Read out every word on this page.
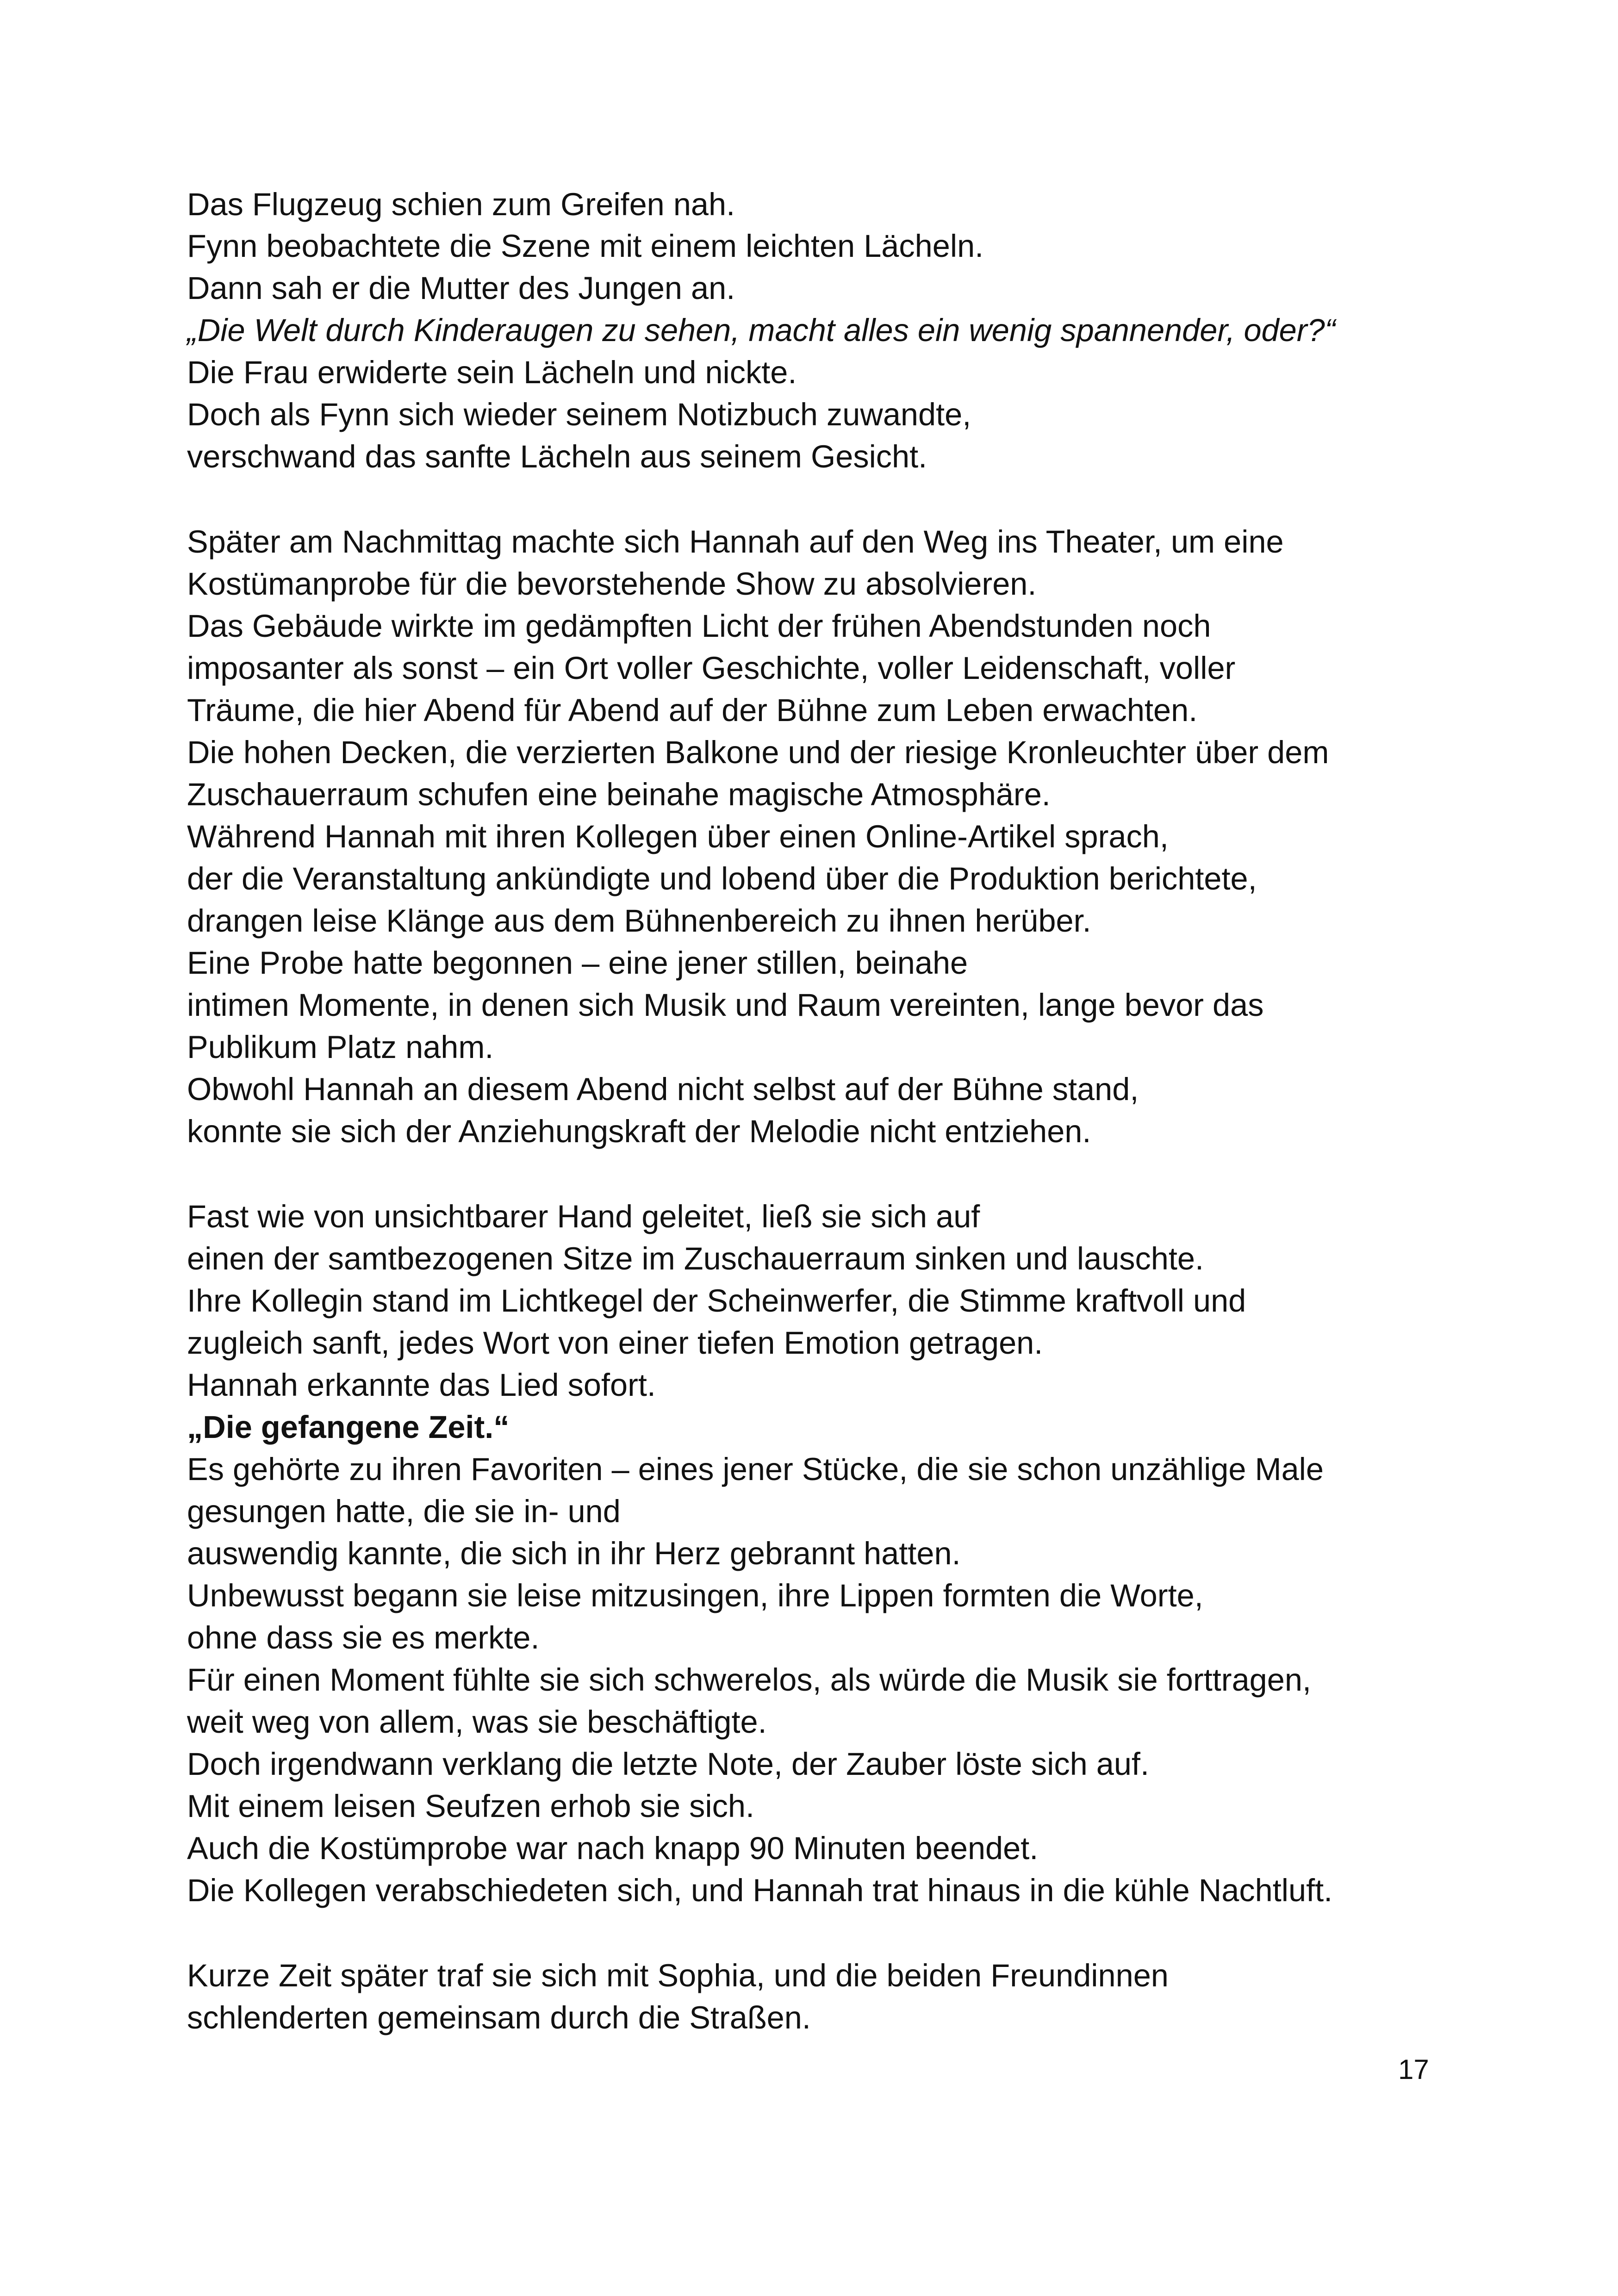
Das Flugzeug schien zum Greifen nah.

Fynn beobachtete die Szene mit einem leichten Lächeln.

Dann sah er die Mutter des Jungen an.

„Die Welt durch Kinderaugen zu sehen, macht alles ein wenig spannender, oder?“

Die Frau erwiderte sein Lächeln und nickte.

Doch als Fynn sich wieder seinem Notizbuch zuwandte,

verschwand das sanfte Lächeln aus seinem Gesicht.

Später am Nachmittag machte sich Hannah auf den Weg ins Theater, um eine

Kostümanprobe für die bevorstehende Show zu absolvieren.

Das Gebäude wirkte im gedämpften Licht der frühen Abendstunden noch

imposanter als sonst – ein Ort voller Geschichte, voller Leidenschaft, voller

Träume, die hier Abend für Abend auf der Bühne zum Leben erwachten.

Die hohen Decken, die verzierten Balkone und der riesige Kronleuchter über dem

Zuschauerraum schufen eine beinahe magische Atmosphäre.

Während Hannah mit ihren Kollegen über einen Online-Artikel sprach,

der die Veranstaltung ankündigte und lobend über die Produktion berichtete,

drangen leise Klänge aus dem Bühnenbereich zu ihnen herüber.

Eine Probe hatte begonnen – eine jener stillen, beinahe

intimen Momente, in denen sich Musik und Raum vereinten, lange bevor das

Publikum Platz nahm.

Obwohl Hannah an diesem Abend nicht selbst auf der Bühne stand,

konnte sie sich der Anziehungskraft der Melodie nicht entziehen.

Fast wie von unsichtbarer Hand geleitet, ließ sie sich auf

einen der samtbezogenen Sitze im Zuschauerraum sinken und lauschte.

Ihre Kollegin stand im Lichtkegel der Scheinwerfer, die Stimme kraftvoll und

zugleich sanft, jedes Wort von einer tiefen Emotion getragen.

Hannah erkannte das Lied sofort.

„Die gefangene Zeit.“

Es gehörte zu ihren Favoriten – eines jener Stücke, die sie schon unzählige Male

gesungen hatte, die sie in- und

auswendig kannte, die sich in ihr Herz gebrannt hatten.

Unbewusst begann sie leise mitzusingen, ihre Lippen formten die Worte,

ohne dass sie es merkte.

Für einen Moment fühlte sie sich schwerelos, als würde die Musik sie forttragen,

weit weg von allem, was sie beschäftigte.

Doch irgendwann verklang die letzte Note, der Zauber löste sich auf.

Mit einem leisen Seufzen erhob sie sich.

Auch die Kostümprobe war nach knapp 90 Minuten beendet.

Die Kollegen verabschiedeten sich, und Hannah trat hinaus in die kühle Nachtluft.

Kurze Zeit später traf sie sich mit Sophia, und die beiden Freundinnen

schlenderten gemeinsam durch die Straßen.

17
